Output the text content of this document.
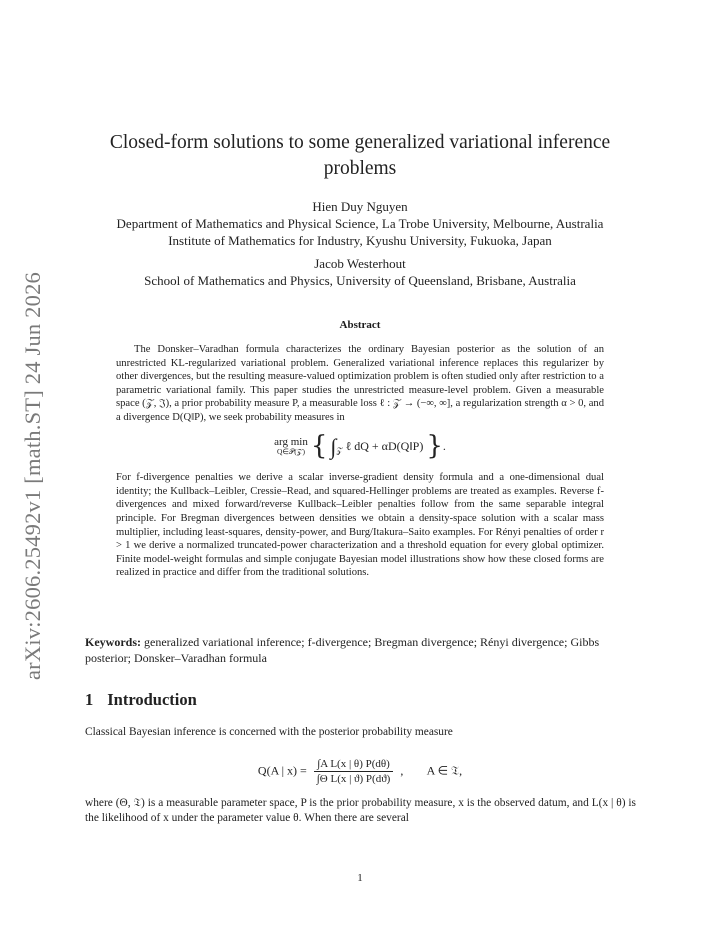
arXiv:2606.25492v1 [math.ST] 24 Jun 2026
Closed-form solutions to some generalized variational inference problems
Hien Duy Nguyen
Department of Mathematics and Physical Science, La Trobe University, Melbourne, Australia
Institute of Mathematics for Industry, Kyushu University, Fukuoka, Japan
Jacob Westerhout
School of Mathematics and Physics, University of Queensland, Brisbane, Australia
Abstract

The Donsker–Varadhan formula characterizes the ordinary Bayesian posterior as the solution of an unrestricted KL-regularized variational problem. Generalized variational inference replaces this regularizer by other divergences, but the resulting measure-valued optimization problem is often studied only after restriction to a parametric variational family. This paper studies the unrestricted measure-level problem. Given a measurable space (𝒵, 𝔍), a prior probability measure P, a measurable loss ℓ : 𝒵 → (−∞, ∞], a regularization strength α > 0, and a divergence D(Q‖P), we seek probability measures in

arg min
Q∈𝒫(𝒵) { $\int_𝒵$ ℓ dQ + αD(Q‖P) }.

For f-divergence penalties we derive a scalar inverse-gradient density formula and a one-dimensional dual identity; the Kullback–Leibler, Cressie–Read, and squared-Hellinger problems are treated as examples. Reverse f-divergences and mixed forward/reverse Kullback–Leibler penalties follow from the same separable integral principle. For Bregman divergences between densities we obtain a density-space solution with a scalar mass multiplier, including least-squares, density-power, and Burg/Itakura–Saito examples. For Rényi penalties of order r > 1 we derive a normalized truncated-power characterization and a threshold equation for every global optimizer. Finite model-weight formulas and simple conjugate Bayesian model illustrations show how these closed forms are realized in practice and differ from the traditional solutions.

Keywords: generalized variational inference; f-divergence; Bregman divergence; Rényi divergence; Gibbs posterior; Donsker–Varadhan formula
1 Introduction
Classical Bayesian inference is concerned with the posterior probability measure
Q(A | $x) = \frac{\text{∫A L(x | θ) P(dθ)}}{\text{∫Θ L(x | ϑ) P(dϑ)}}$ ,        A ∈ 𝔗,
where (Θ, 𝔗) is a measurable parameter space, P is the prior probability measure, x is the observed datum, and L(x | θ) is the likelihood of x under the parameter value θ. When there are several
1
